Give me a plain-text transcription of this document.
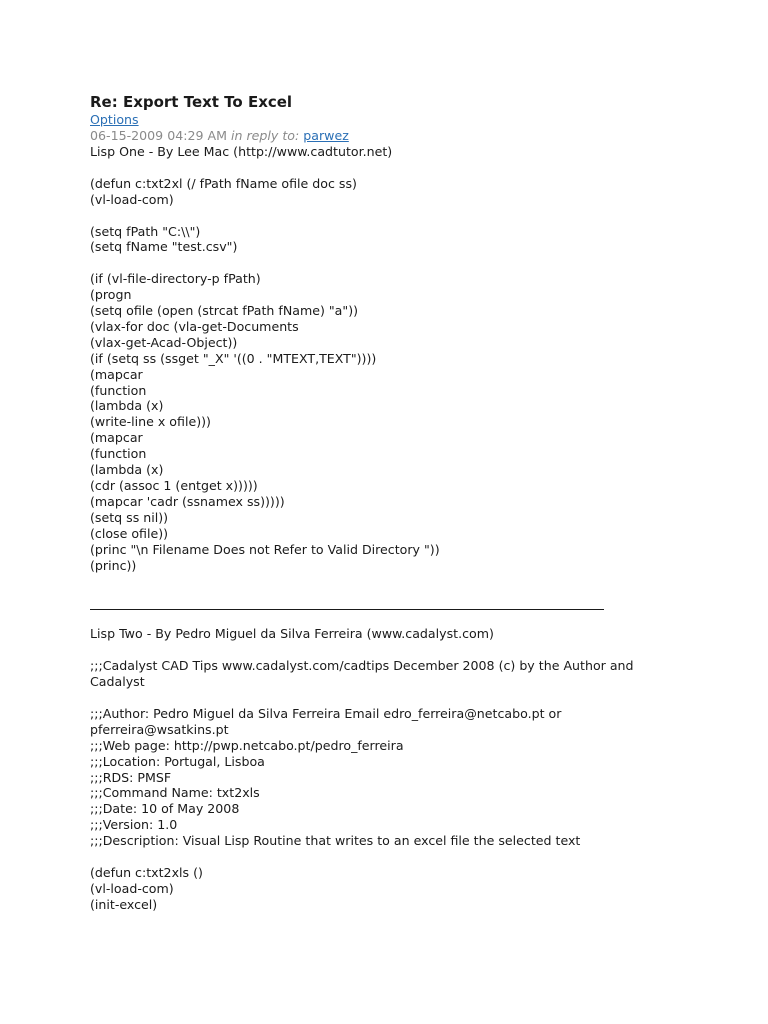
Re: Export Text To Excel
Options
06-15-2009 04:29 AM in reply to: parwez

Lisp One - By Lee Mac (http://www.cadtutor.net)

(defun c:txt2xl (/ fPath fName ofile doc ss)

(vl-load-com)

(setq fPath "C:\\")

(setq fName "test.csv")

(if (vl-file-directory-p fPath)

(progn

(setq ofile (open (strcat fPath fName) "a"))

(vlax-for doc (vla-get-Documents

(vlax-get-Acad-Object))

(if (setq ss (ssget "_X" '((0 . "MTEXT,TEXT"))))

(mapcar

(function

(lambda (x)

(write-line x ofile)))

(mapcar

(function

(lambda (x)

(cdr (assoc 1 (entget x)))))

(mapcar 'cadr (ssnamex ss)))))

(setq ss nil))

(close ofile))

(princ "\n Filename Does not Refer to Valid Directory "))

(princ))

Lisp Two - By Pedro Miguel da Silva Ferreira (www.cadalyst.com)

;;;Cadalyst CAD Tips www.cadalyst.com/cadtips December 2008 (c) by the Author and

Cadalyst

;;;Author: Pedro Miguel da Silva Ferreira Email edro_ferreira@netcabo.pt or

pferreira@wsatkins.pt

;;;Web page: http://pwp.netcabo.pt/pedro_ferreira

;;;Location: Portugal, Lisboa

;;;RDS: PMSF

;;;Command Name: txt2xls

;;;Date: 10 of May 2008

;;;Version: 1.0

;;;Description: Visual Lisp Routine that writes to an excel file the selected text

(defun c:txt2xls ()

(vl-load-com)

(init-excel)
